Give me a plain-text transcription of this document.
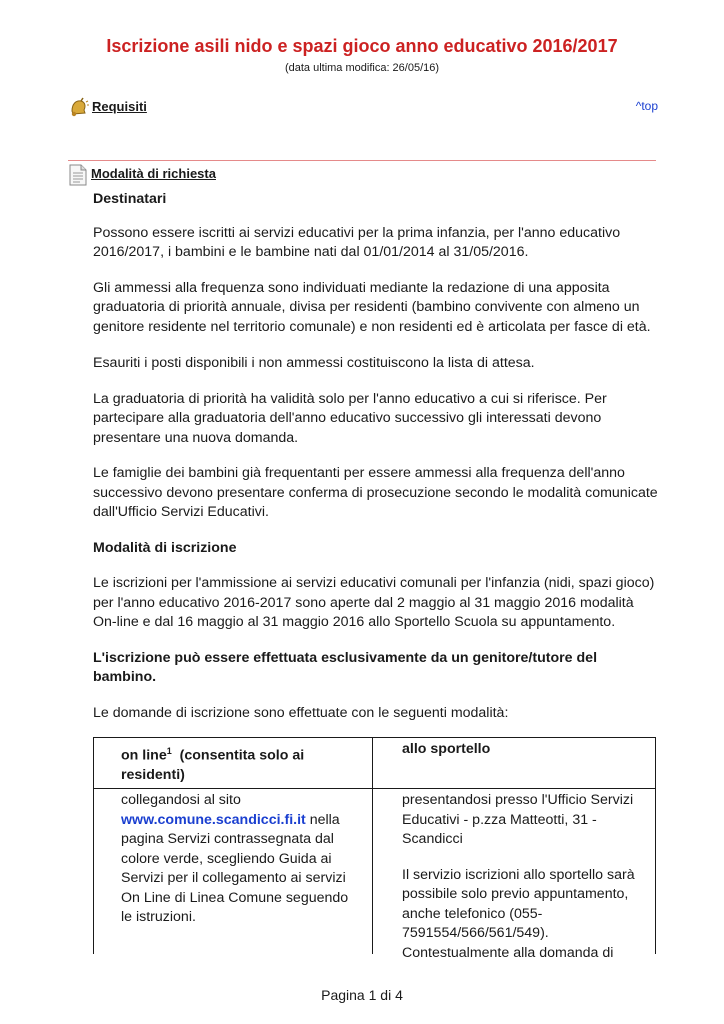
Iscrizione asili nido e spazi gioco anno educativo 2016/2017
(data ultima modifica: 26/05/16)
Requisiti	^top
Modalità di richiesta

Destinatari

Possono essere iscritti ai servizi educativi per la prima infanzia, per l'anno educativo 2016/2017, i bambini e le bambine nati dal 01/01/2014 al 31/05/2016.

Gli ammessi alla frequenza sono individuati mediante la redazione di una apposita graduatoria di priorità annuale, divisa per residenti (bambino convivente con almeno un genitore residente nel territorio comunale) e non residenti ed è articolata per fasce di età.

Esauriti i posti disponibili i non ammessi costituiscono la lista di attesa.

La graduatoria di priorità ha validità solo per l'anno educativo a cui si riferisce. Per partecipare alla graduatoria dell'anno educativo successivo gli interessati devono presentare una nuova domanda.

Le famiglie dei bambini già frequentanti per essere ammessi alla frequenza dell'anno successivo devono presentare conferma di prosecuzione secondo le modalità comunicate dall'Ufficio Servizi Educativi.

Modalità di iscrizione

Le iscrizioni per l'ammissione ai servizi educativi comunali per l'infanzia (nidi, spazi gioco) per l'anno educativo 2016-2017 sono aperte dal 2 maggio al 31 maggio 2016 modalità On-line e dal 16 maggio al 31 maggio 2016 allo Sportello Scuola su appuntamento.

L'iscrizione può essere effettuata esclusivamente da un genitore/tutore del bambino.

Le domande di iscrizione sono effettuate con le seguenti modalità:

on line$^1$ (consentita solo ai residenti)
allo sportello
collegandosi al sito
www.comune.scandicci.fi.it nella pagina Servizi contrassegnata dal colore verde, scegliendo Guida ai Servizi per il collegamento ai servizi On Line di Linea Comune seguendo le istruzioni.
presentandosi presso l'Ufficio Servizi Educativi - p.zza Matteotti, 31 - Scandicci
Il servizio iscrizioni allo sportello sarà possibile solo previo appuntamento, anche telefonico (055-7591554/566/561/549). Contestualmente alla domanda di
Pagina 1 di 4
